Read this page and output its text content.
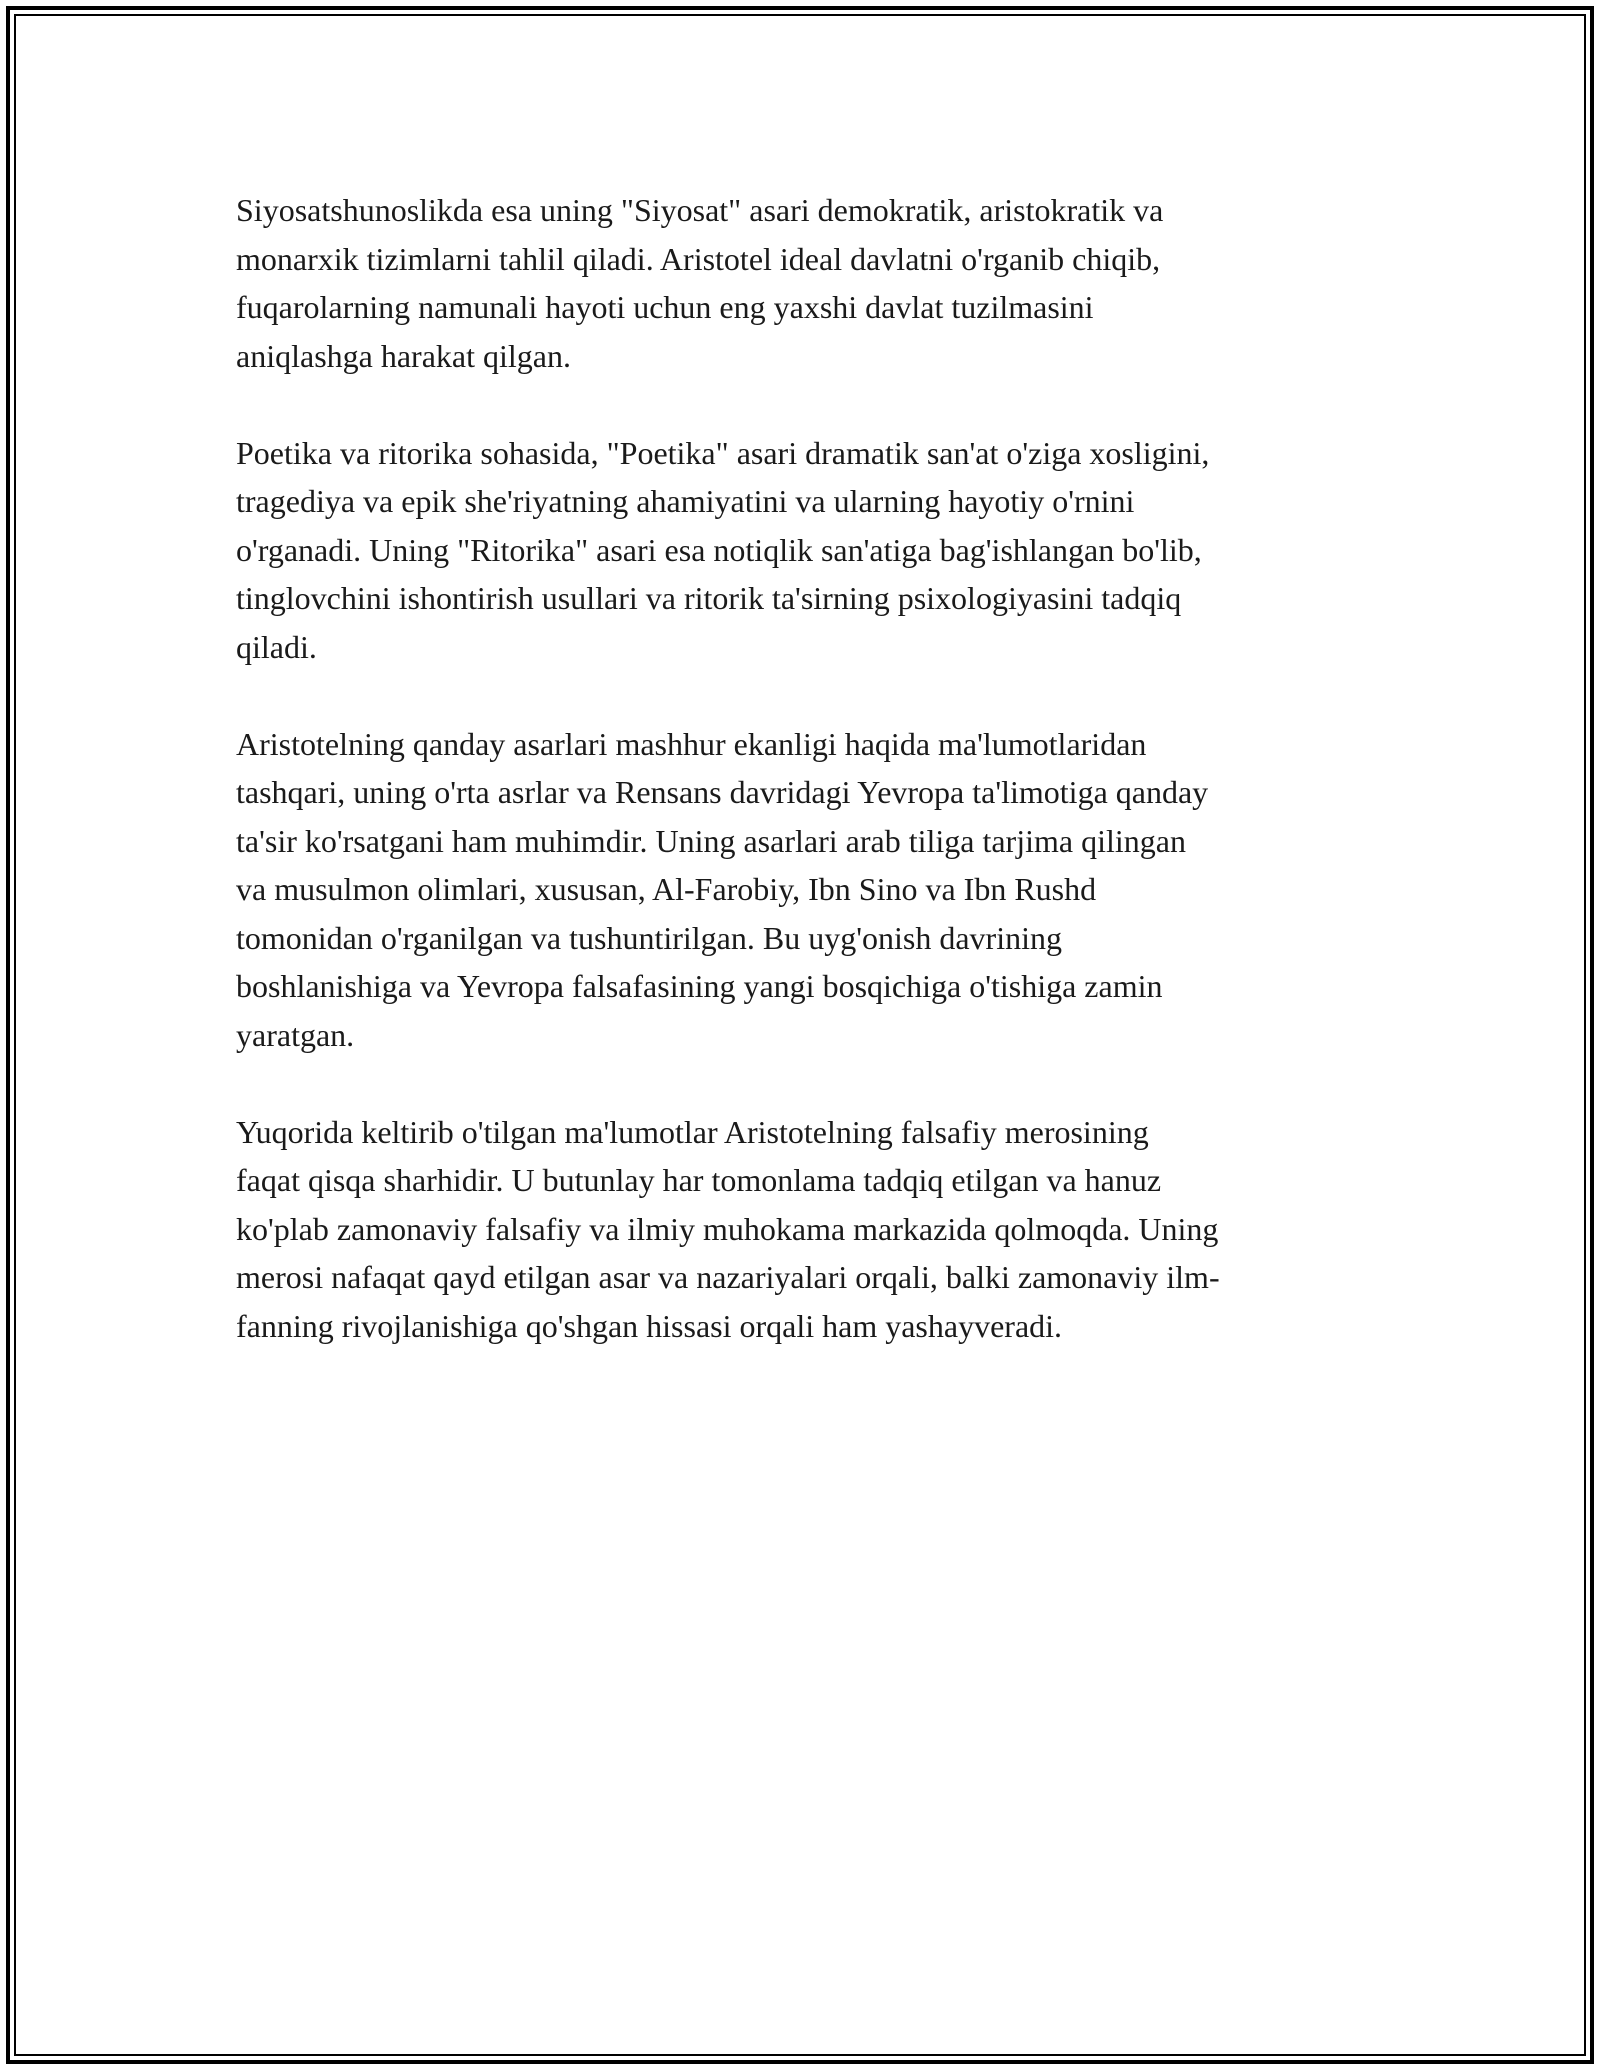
Siyosatshunoslikda esa uning "Siyosat" asari demokratik, aristokratik va
monarxik tizimlarni tahlil qiladi. Aristotel ideal davlatni o'rganib chiqib,
fuqarolarning namunali hayoti uchun eng yaxshi davlat tuzilmasini
aniqlashga harakat qilgan.

Poetika va ritorika sohasida, "Poetika" asari dramatik san'at o'ziga xosligini,
tragediya va epik she'riyatning ahamiyatini va ularning hayotiy o'rnini
o'rganadi. Uning "Ritorika" asari esa notiqlik san'atiga bag'ishlangan bo'lib,
tinglovchini ishontirish usullari va ritorik ta'sirning psixologiyasini tadqiq
qiladi.

Aristotelning qanday asarlari mashhur ekanligi haqida ma'lumotlaridan
tashqari, uning o'rta asrlar va Rensans davridagi Yevropa ta'limotiga qanday
ta'sir ko'rsatgani ham muhimdir. Uning asarlari arab tiliga tarjima qilingan
va musulmon olimlari, xususan, Al-Farobiy, Ibn Sino va Ibn Rushd
tomonidan o'rganilgan va tushuntirilgan. Bu uyg'onish davrining
boshlanishiga va Yevropa falsafasining yangi bosqichiga o'tishiga zamin
yaratgan.

Yuqorida keltirib o'tilgan ma'lumotlar Aristotelning falsafiy merosining
faqat qisqa sharhidir. U butunlay har tomonlama tadqiq etilgan va hanuz
ko'plab zamonaviy falsafiy va ilmiy muhokama markazida qolmoqda. Uning
merosi nafaqat qayd etilgan asar va nazariyalari orqali, balki zamonaviy ilm-
fanning rivojlanishiga qo'shgan hissasi orqali ham yashayveradi.
